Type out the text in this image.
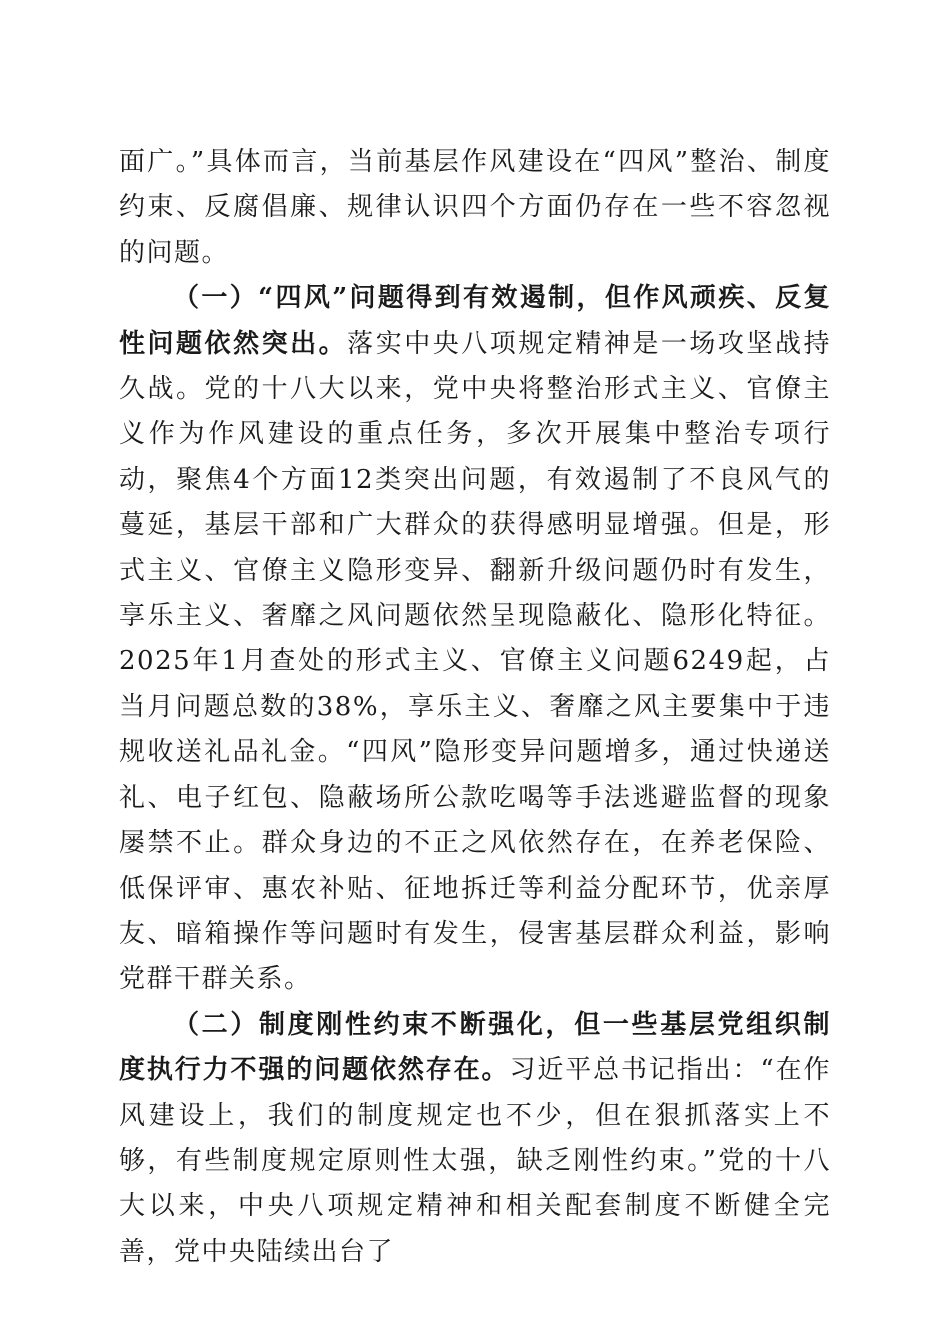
面广。”具体而言，当前基层作风建设在“四风”整治、制度约束、反腐倡廉、规律认识四个方面仍存在一些不容忽视的问题。

（一）“四风”问题得到有效遏制，但作风顽疾、反复性问题依然突出。落实中央八项规定精神是一场攻坚战持久战。党的十八大以来，党中央将整治形式主义、官僚主义作为作风建设的重点任务，多次开展集中整治专项行动，聚焦4个方面12类突出问题，有效遏制了不良风气的蔓延，基层干部和广大群众的获得感明显增强。但是，形式主义、官僚主义隐形变异、翻新升级问题仍时有发生，享乐主义、奢靡之风问题依然呈现隐蔽化、隐形化特征。2025年1月查处的形式主义、官僚主义问题6249起，占当月问题总数的38%，享乐主义、奢靡之风主要集中于违规收送礼品礼金。“四风”隐形变异问题增多，通过快递送礼、电子红包、隐蔽场所公款吃喝等手法逃避监督的现象屡禁不止。群众身边的不正之风依然存在，在养老保险、低保评审、惠农补贴、征地拆迁等利益分配环节，优亲厚友、暗箱操作等问题时有发生，侵害基层群众利益，影响党群干群关系。

（二）制度刚性约束不断强化，但一些基层党组织制度执行力不强的问题依然存在。习近平总书记指出：“在作风建设上，我们的制度规定也不少，但在狠抓落实上不够，有些制度规定原则性太强，缺乏刚性约束。”党的十八大以来，中央八项规定精神和相关配套制度不断健全完善，党中央陆续出台了
